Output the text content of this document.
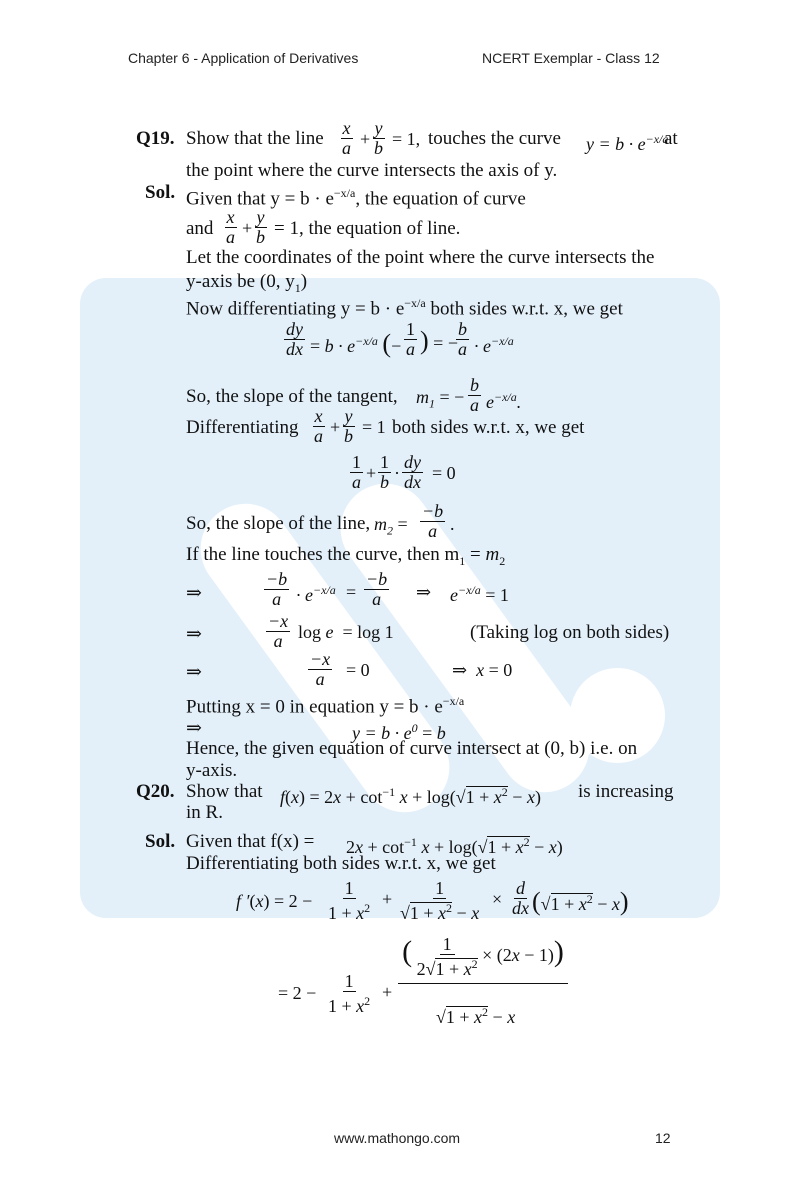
Chapter 6 - Application of Derivatives	NCERT Exemplar - Class 12
Q19. Show that the line x
a +
y
b = 1, touches the curve $y = b \cdot e^{-x/a}$
at
the point where the curve intersects the axis of y.
Sol. Given that $y = b \cdot e^{-x/a}$, the equation of curve
and
x
a +
y
b = 1, the equation of line.
Let the coordinates of the point where the curve intersects the
y-axis be (0, $y_1$)
Now differentiating $y = b \cdot e^{-x/a}$ both sides w.r.t. x, we get
dy
dx = $b \cdot e^{-x/a}$ (−
1
a ) = −
b
$a \cdot e^{-x/a}$
So, the slope of the tangent, $m_1$ = −
b
a $e^{-x/a}$.
Differentiating
x
a +
y
b = 1 both sides w.r.t. x, we get
1
a +
1
b ·
dy
dx = 0
So, the slope of the line, $m_2$ =
−b
a .
If the line touches the curve, then $m_1 = m_2$
⇒
−b
$a \cdot e^{-x/a}$ =
−b
a ⇒ $e^{-x/a} = 1$
⇒
−x
a log e  = log 1	(Taking log on both sides)
⇒
−x
a = 0	⇒  x = 0
Putting x = 0 in equation $y = b \cdot e^{-x/a}$
⇒	$y = b \cdot e^0 = b$
Hence, the given equation of curve intersect at (0, b) i.e. on
y-axis.
Q20. Show that $f(x) = 2x + \cot^{-1} x + \log(√1 + x^2 - x)$ is increasing
in R.
Sol. Given that $f(x) = 2x + \cot^{-1} x + \log(√1 + x^2 - x)$
Differentiating both sides w.r.t. x, we get
f ′(x) = 2 −
1
$1 + x^2$ +
1
$√1 + x^2 - x$
×
d
dx $(√1 + x^2 - x)$
= 2 −
1
$1 + x^2$ +
( $\frac{1}{2√1 + x^2} \times (2x - 1)$)
$√1 + x^2 - x$
www.mathongo.com	12
